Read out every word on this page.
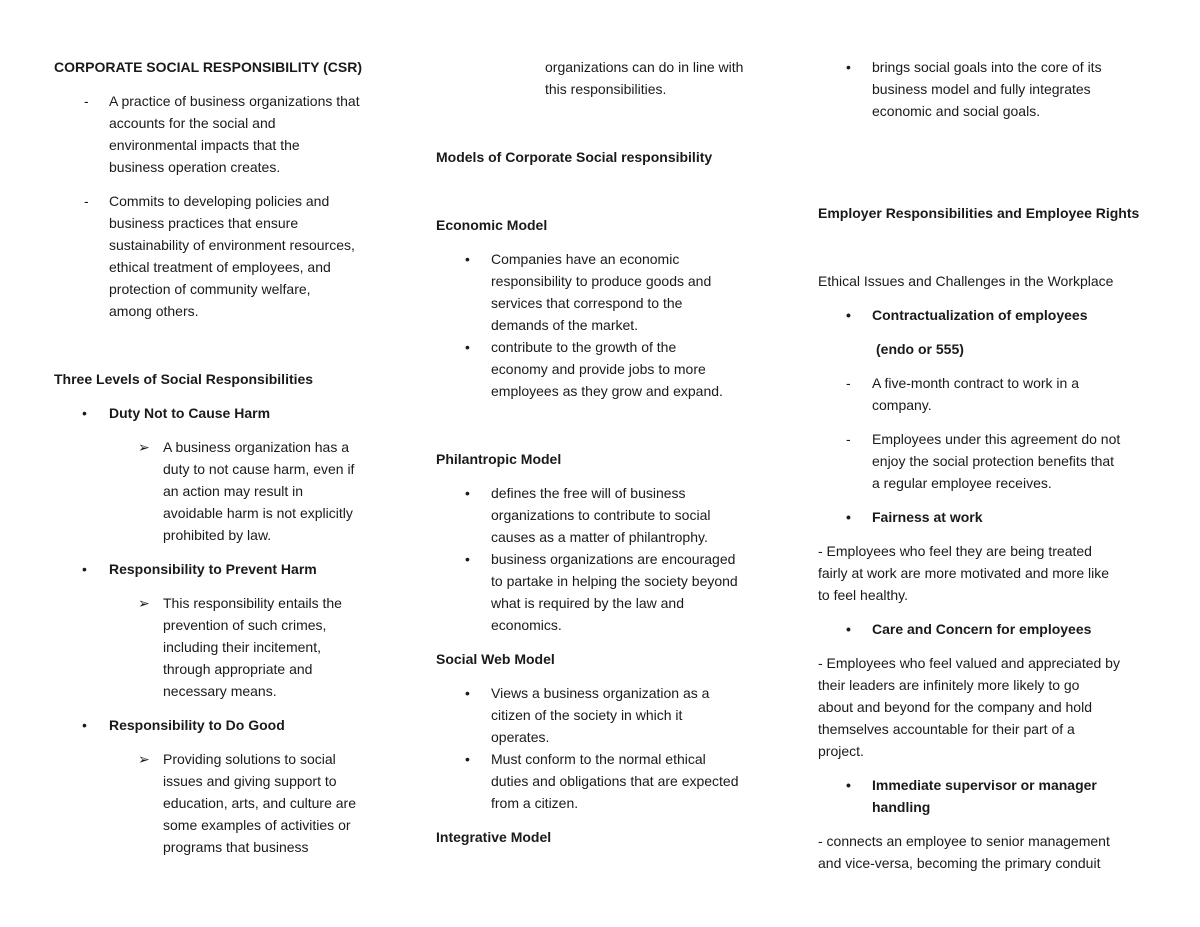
CORPORATE SOCIAL RESPONSIBILITY (CSR)
-	A practice of business organizations that
accounts for the social and
environmental impacts that the
business operation creates.
-	Commits to developing policies and
business practices that ensure
sustainability of environment resources,
ethical treatment of employees, and
protection of community welfare,
among others.
Three Levels of Social Responsibilities
• Duty Not to Cause Harm
➢ A business organization has a
duty to not cause harm, even if
an action may result in
avoidable harm is not explicitly
prohibited by law.
• Responsibility to Prevent Harm
➢ This responsibility entails the
prevention of such crimes,
including their incitement,
through appropriate and
necessary means.
• Responsibility to Do Good
➢ Providing solutions to social
issues and giving support to
education, arts, and culture are
some examples of activities or
programs that business
organizations can do in line with
this responsibilities.
Models of Corporate Social responsibility
Economic Model
• Companies have an economic
responsibility to produce goods and
services that correspond to the
demands of the market.
• contribute to the growth of the
economy and provide jobs to more
employees as they grow and expand.
Philantropic Model
• defines the free will of business
organizations to contribute to social
causes as a matter of philantrophy.
• business organizations are encouraged
to partake in helping the society beyond
what is required by the law and
economics.
Social Web Model
• Views a business organization as a
citizen of the society in which it
operates.
• Must conform to the normal ethical
duties and obligations that are expected
from a citizen.
Integrative Model
• brings social goals into the core of its
business model and fully integrates
economic and social goals.
Employer Responsibilities and Employee Rights
Ethical Issues and Challenges in the Workplace
• Contractualization of employees
(endo or 555)
-	A five-month contract to work in a
company.
-	Employees under this agreement do not
enjoy the social protection benefits that
a regular employee receives.
• Fairness at work
- Employees who feel they are being treated
fairly at work are more motivated and more like
to feel healthy.
• Care and Concern for employees
- Employees who feel valued and appreciated by
their leaders are infinitely more likely to go
about and beyond for the company and hold
themselves accountable for their part of a
project.
• Immediate supervisor or manager
handling
- connects an employee to senior management
and vice-versa, becoming the primary conduit
